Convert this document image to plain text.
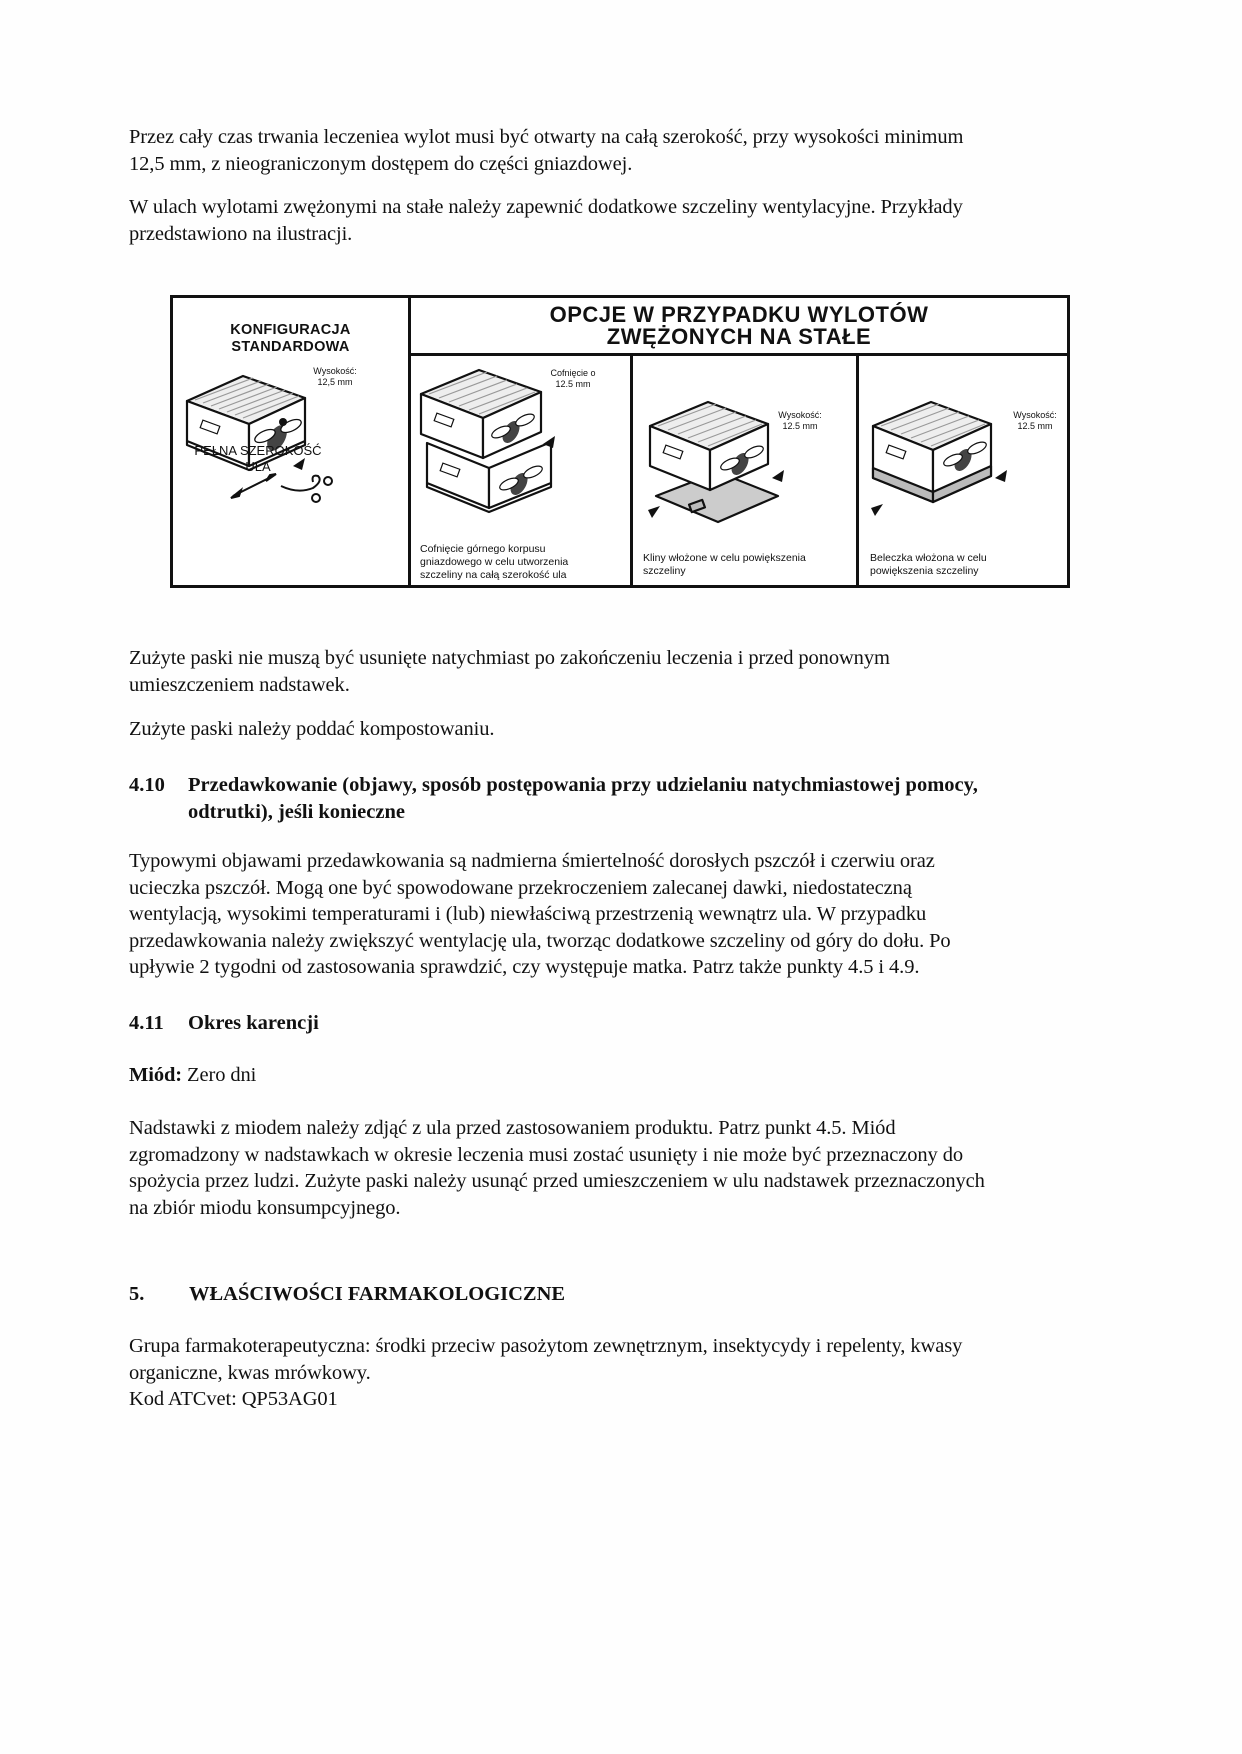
Przez cały czas trwania leczeniea wylot musi być otwarty na całą szerokość, przy wysokości minimum

12,5 mm, z nieograniczonym dostępem do części gniazdowej.

W ulach wylotami zwężonymi na stałe należy zapewnić dodatkowe szczeliny wentylacyjne. Przykłady

przedstawiono na ilustracji.

KONFIGURACJA
STANDARDOWA
OPCJE W PRZYPADKU WYLOTÓW
ZWĘŻONYCH NA STAŁE
Wysokość:
12,5 mm
PEŁNA SZEROKOŚĆ
ULA
Cofnięcie o
12.5 mm
Cofnięcie górnego korpusu
gniazdowego w celu utworzenia
szczeliny na całą szerokość ula
Wysokość:
12.5 mm
Kliny włożone w celu powiększenia
szczeliny
Wysokość:
12.5 mm
Beleczka włożona w celu
powiększenia szczeliny

Zużyte paski nie muszą być usunięte natychmiast po zakończeniu leczenia i przed ponownym

umieszczeniem nadstawek.

Zużyte paski należy poddać kompostowaniu.

4.10	Przedawkowanie (objawy, sposób postępowania przy udzielaniu natychmiastowej pomocy,
odtrutki), jeśli konieczne

Typowymi objawami przedawkowania są nadmierna śmiertelność dorosłych pszczół i czerwiu oraz

ucieczka pszczół. Mogą one być spowodowane przekroczeniem zalecanej dawki, niedostateczną

wentylacją, wysokimi temperaturami i (lub) niewłaściwą przestrzenią wewnątrz ula. W przypadku

przedawkowania należy zwiększyć wentylację ula, tworząc dodatkowe szczeliny od góry do dołu. Po

upływie 2 tygodni od zastosowania sprawdzić, czy występuje matka. Patrz także punkty 4.5 i 4.9.

4.11	Okres karencji

Miód: Zero dni

Nadstawki z miodem należy zdjąć z ula przed zastosowaniem produktu. Patrz punkt 4.5. Miód

zgromadzony w nadstawkach w okresie leczenia musi zostać usunięty i nie może być przeznaczony do

spożycia przez ludzi. Zużyte paski należy usunąć przed umieszczeniem w ulu nadstawek przeznaczonych

na zbiór miodu konsumpcyjnego.

5.	WŁAŚCIWOŚCI FARMAKOLOGICZNE

Grupa farmakoterapeutyczna: środki przeciw pasożytom zewnętrznym, insektycydy i repelenty, kwasy

organiczne, kwas mrówkowy.

Kod ATCvet: QP53AG01
